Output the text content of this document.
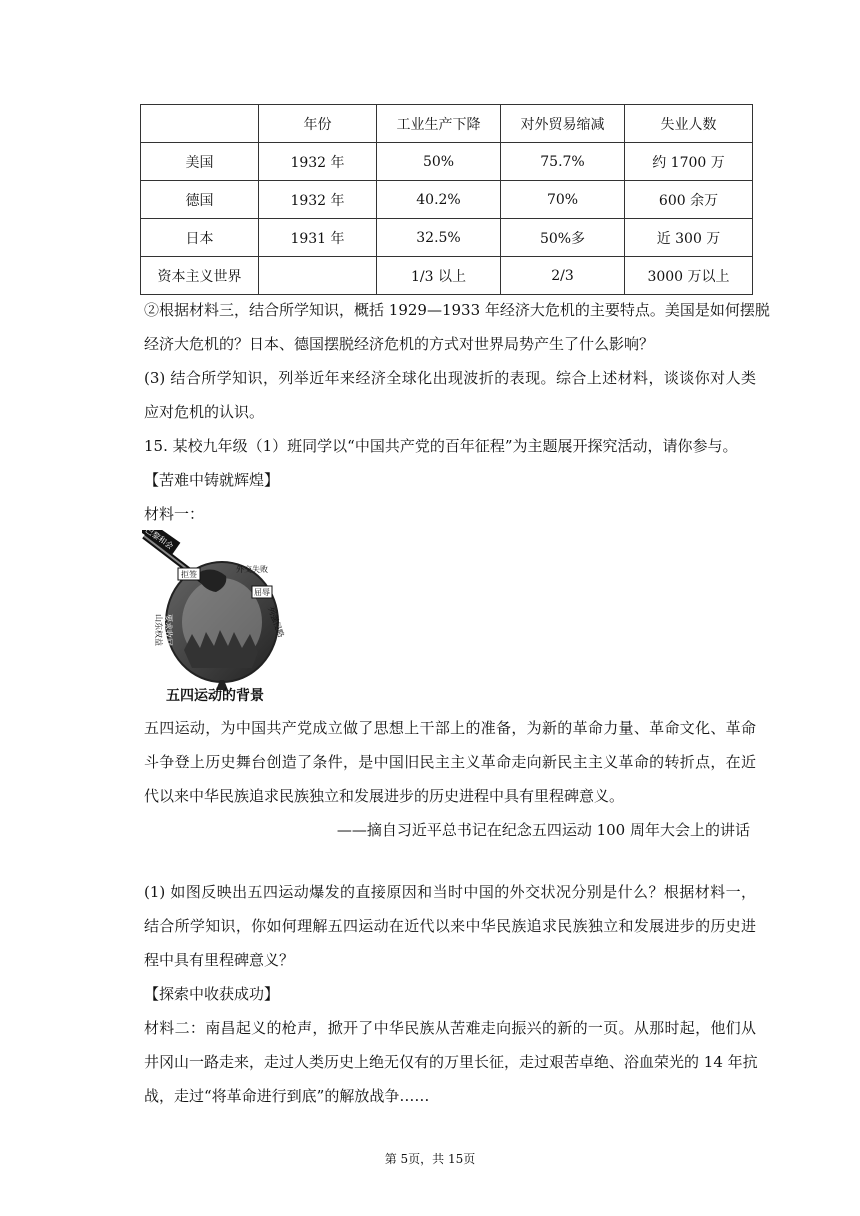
	年份	工业生产下降	对外贸易缩减	失业人数
美国	1932 年	50%	75.7%	约 1700 万
德国	1932 年	40.2%	70%	600 余万
日本	1931 年	32.5%	50%多	近 300 万
资本主义世界		1/3 以上	2/3	3000 万以上
②根据材料三，结合所学知识，概括 1929—1933 年经济大危机的主要特点。美国是如何摆脱
经济大危机的？日本、德国摆脱经济危机的方式对世界局势产生了什么影响？
(3) 结合所学知识，列举近年来经济全球化出现波折的表现。综合上述材料，谈谈你对人类
应对危机的认识。
15. 某校九年级（1）班同学以“中国共产党的百年征程”为主题展开探究活动，请你参与。
【苦难中铸就辉煌】
材料一：
巴黎和会
拒签
外交失败
屈辱
要求收回
山东权益	列强侵略
五四运动的背景
五四运动，为中国共产党成立做了思想上干部上的准备，为新的革命力量、革命文化、革命
斗争登上历史舞台创造了条件，是中国旧民主主义革命走向新民主主义革命的转折点，在近
代以来中华民族追求民族独立和发展进步的历史进程中具有里程碑意义。
——摘自习近平总书记在纪念五四运动 100 周年大会上的讲话
(1) 如图反映出五四运动爆发的直接原因和当时中国的外交状况分别是什么？根据材料一，
结合所学知识，你如何理解五四运动在近代以来中华民族追求民族独立和发展进步的历史进
程中具有里程碑意义？
【探索中收获成功】
材料二：南昌起义的枪声，掀开了中华民族从苦难走向振兴的新的一页。从那时起，他们从
井冈山一路走来，走过人类历史上绝无仅有的万里长征，走过艰苦卓绝、浴血荣光的 14 年抗
战，走过“将革命进行到底”的解放战争……
第 5页，共 15页
